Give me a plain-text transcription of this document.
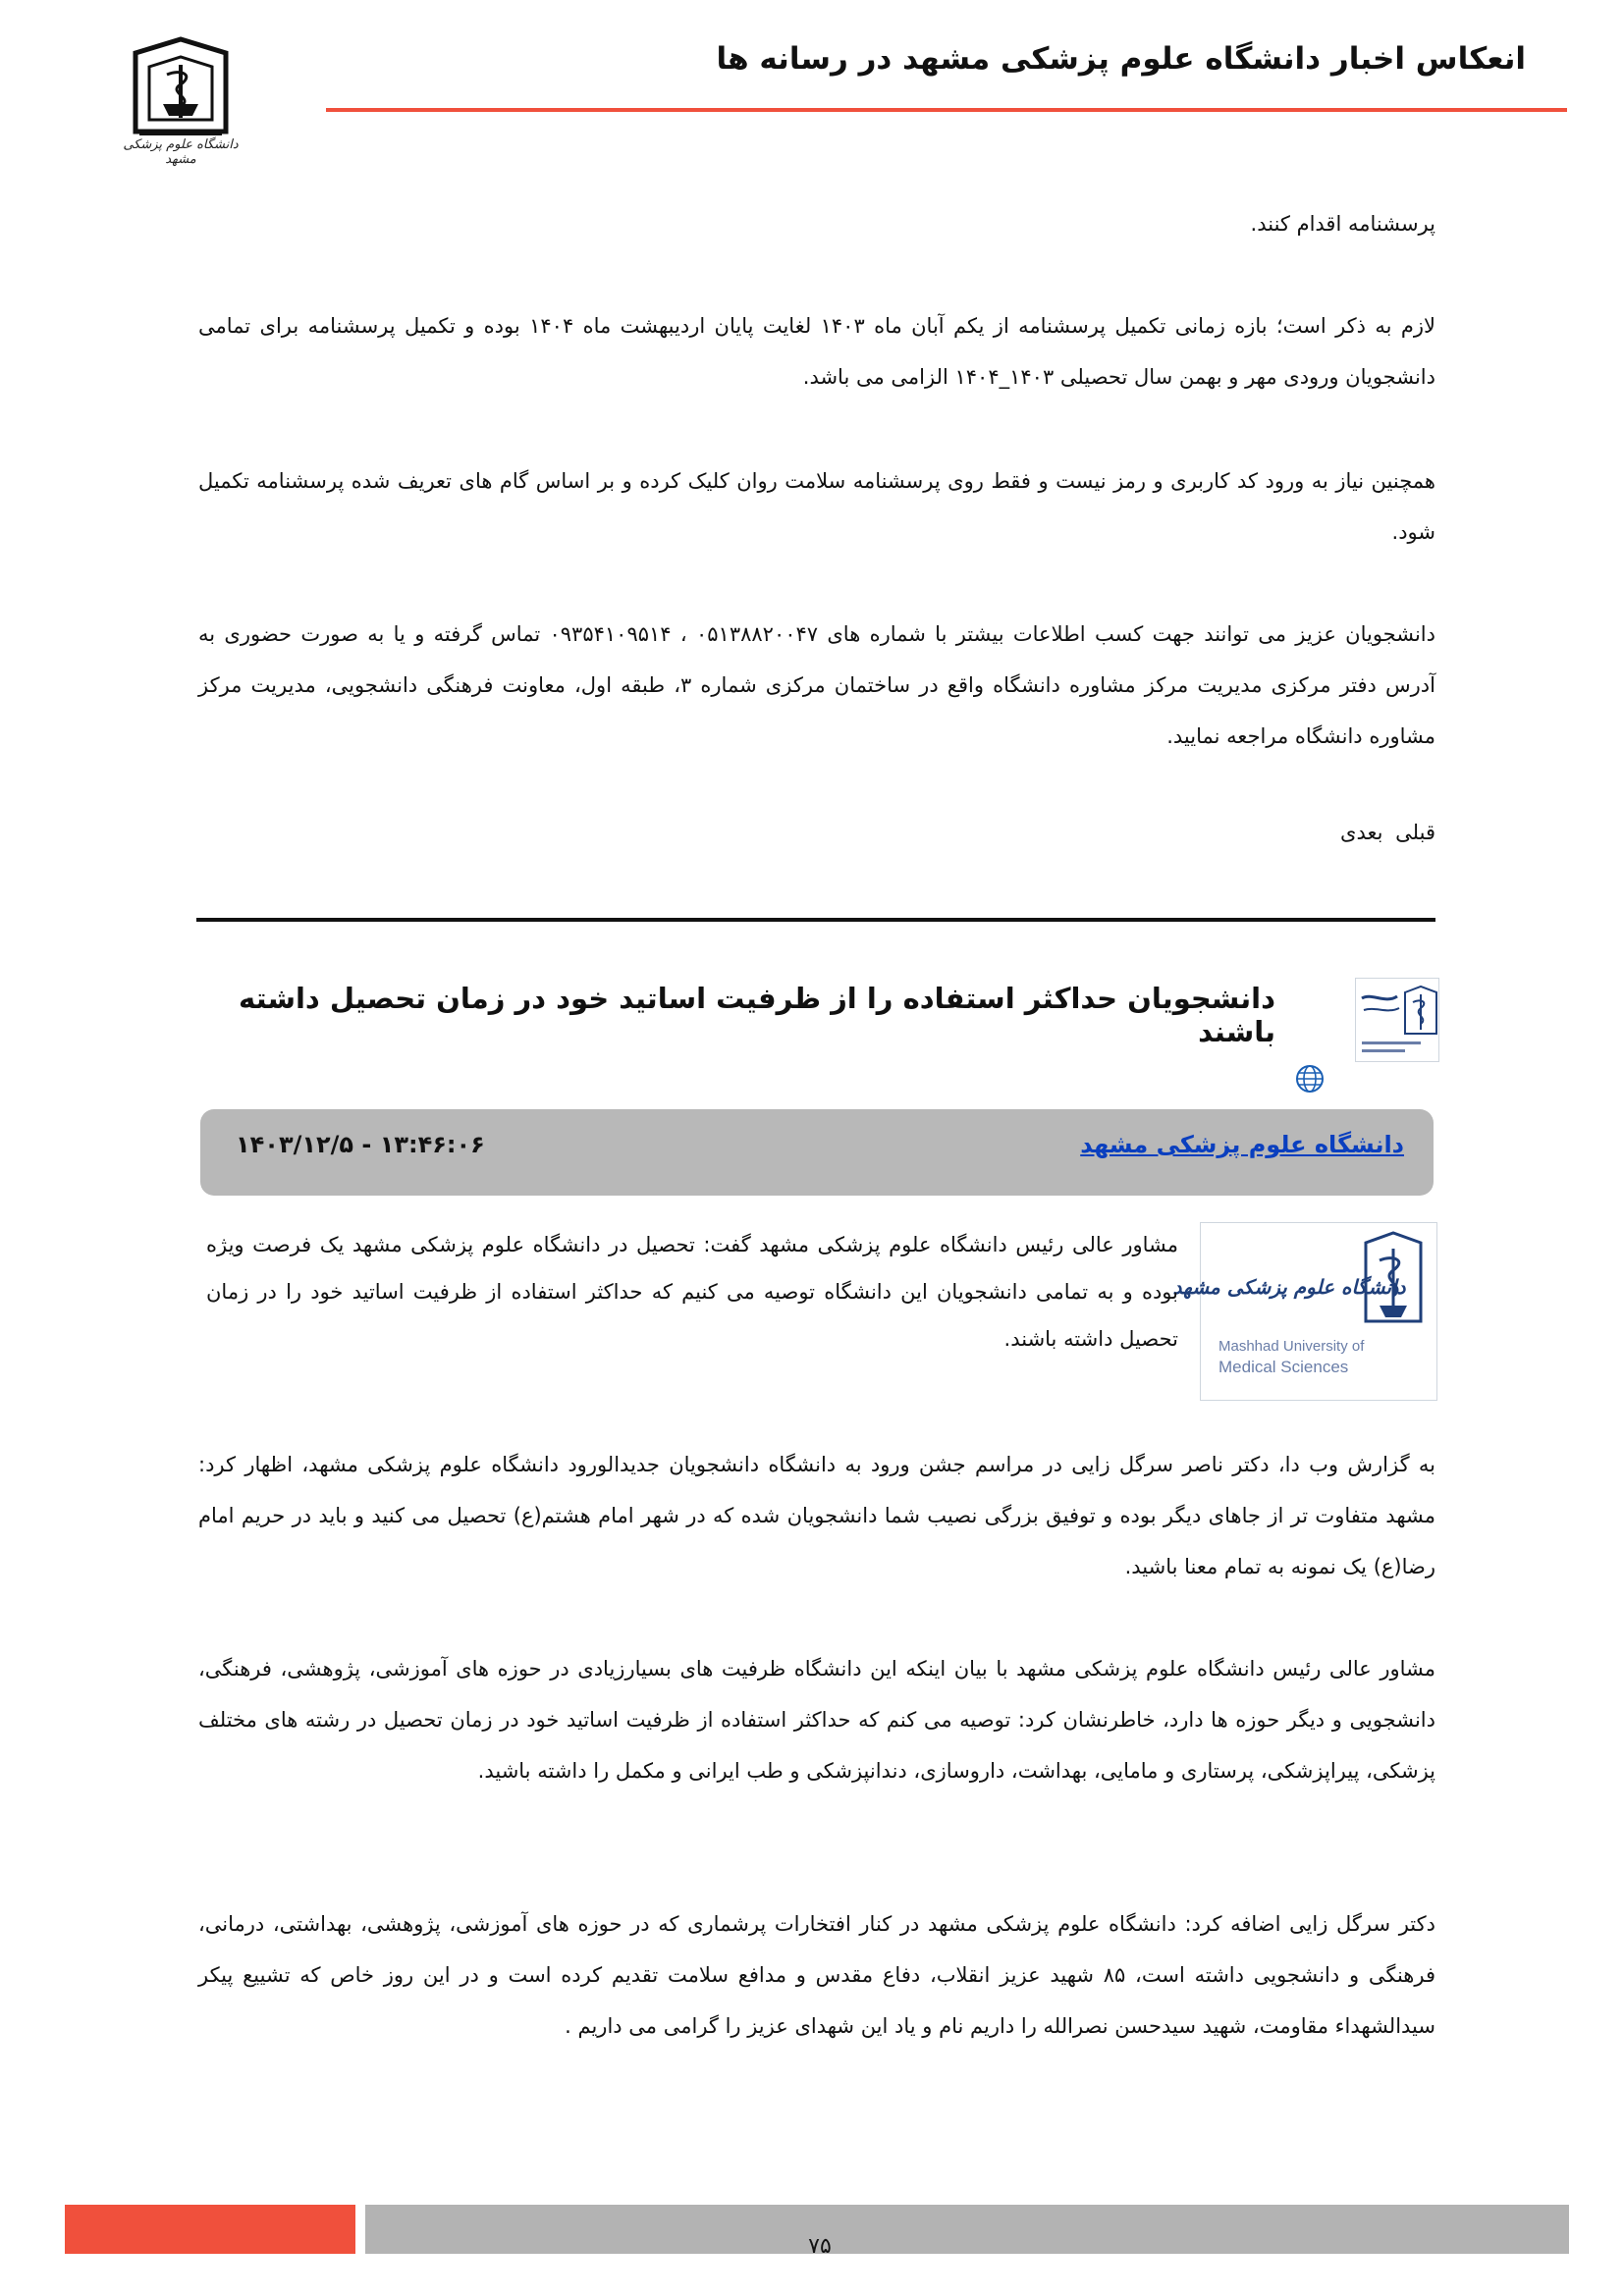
انعکاس اخبار دانشگاه علوم پزشکی مشهد در رسانه ها
دانشگاه علوم پزشکی مشهد
پرسشنامه اقدام کنند.
لازم به ذکر است؛ بازه زمانی تکمیل پرسشنامه از یکم آبان ماه ۱۴۰۳ لغایت پایان اردیبهشت ماه ۱۴۰۴ بوده و تکمیل پرسشنامه برای تمامی دانشجویان ورودی مهر و بهمن سال تحصیلی ۱۴۰۳_۱۴۰۴ الزامی می باشد.
همچنین نیاز به ورود کد کاربری و رمز نیست و فقط روی پرسشنامه سلامت روان کلیک کرده و بر اساس گام های تعریف شده پرسشنامه تکمیل شود.
دانشجویان عزیز می توانند جهت کسب اطلاعات بیشتر با شماره های ۰۵۱۳۸۸۲۰۰۴۷ ، ۰۹۳۵۴۱۰۹۵۱۴ تماس گرفته و یا به صورت حضوری به آدرس دفتر مرکزی مدیریت مرکز مشاوره دانشگاه واقع در ساختمان مرکزی شماره ۳، طبقه اول، معاونت فرهنگی دانشجویی، مدیریت مرکز مشاوره دانشگاه مراجعه نمایید.
قبلی بعدی
دانشجویان حداکثر استفاده را از ظرفیت اساتید خود در زمان تحصیل داشته باشند
دانشگاه علوم پزشکی مشهد
۱۴۰۳/۱۲/۵ - ۱۳:۴۶:۰۶
دانشگاه علوم پزشکی مشهد
Mashhad University of
Medical Sciences
مشاور عالی رئیس دانشگاه علوم پزشکی مشهد گفت: تحصیل در دانشگاه علوم پزشکی مشهد یک فرصت ویژه بوده و به تمامی دانشجویان این دانشگاه توصیه می کنیم که حداکثر استفاده از ظرفیت اساتید خود را در زمان تحصیل داشته باشند.
به گزارش وب دا، دکتر ناصر سرگل زایی در مراسم جشن ورود به دانشگاه دانشجویان جدیدالورود دانشگاه علوم پزشکی مشهد، اظهار کرد: مشهد متفاوت تر از جاهای دیگر بوده و توفیق بزرگی نصیب شما دانشجویان شده که در شهر امام هشتم(ع) تحصیل می کنید و باید در حریم امام رضا(ع) یک نمونه به تمام معنا باشید.
مشاور عالی رئیس دانشگاه علوم پزشکی مشهد با بیان اینکه این دانشگاه ظرفیت های بسیارزیادی در حوزه های آموزشی، پژوهشی، فرهنگی، دانشجویی و دیگر حوزه ها دارد، خاطرنشان کرد: توصیه می کنم که حداکثر استفاده از ظرفیت اساتید خود در زمان تحصیل در رشته های مختلف پزشکی، پیراپزشکی، پرستاری و مامایی، بهداشت، داروسازی، دندانپزشکی و طب ایرانی و مکمل را داشته باشید.
دکتر سرگل زایی اضافه کرد: دانشگاه علوم پزشکی مشهد در کنار افتخارات پرشماری که در حوزه های آموزشی، پژوهشی، بهداشتی، درمانی، فرهنگی و دانشجویی داشته است، ۸۵ شهید عزیز انقلاب، دفاع مقدس و مدافع سلامت تقدیم کرده است و در این روز خاص که تشییع پیکر سیدالشهداء مقاومت، شهید سیدحسن نصرالله را داریم نام و یاد این شهدای عزیز را گرامی می داریم .
۷۵
